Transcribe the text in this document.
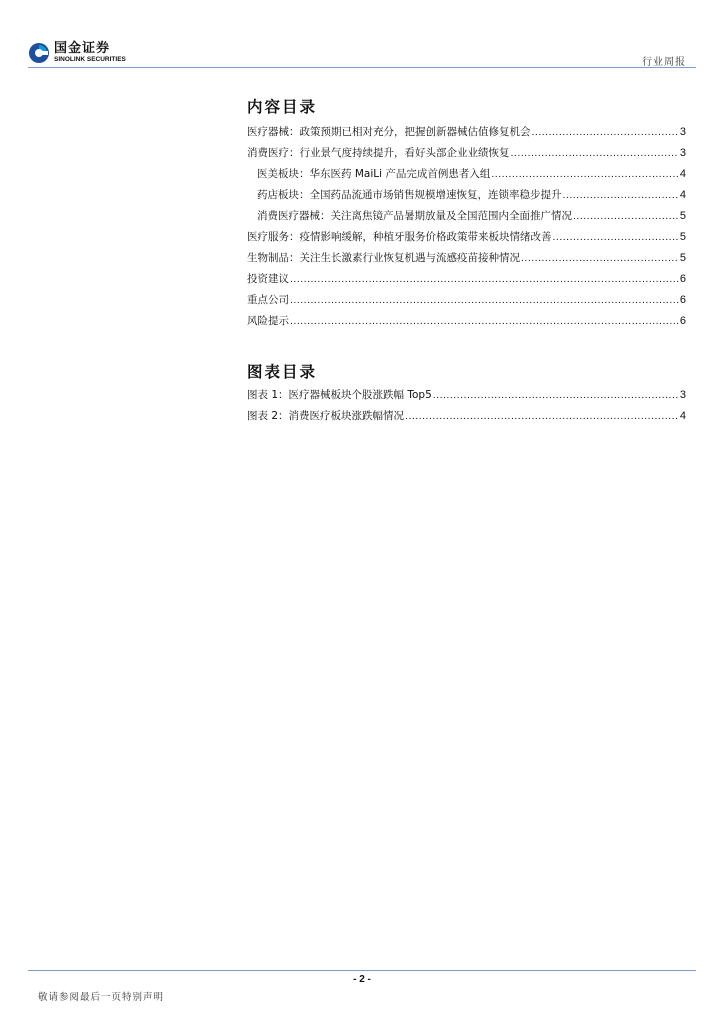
国金证券
SINOLINK SECURITIES	行业周报
内容目录
医疗器械：政策预期已相对充分，把握创新器械估值修复机会 .....	3
消费医疗：行业景气度持续提升，看好头部企业业绩恢复 .....	3
医美板块：华东医药 MaiLi 产品完成首例患者入组 .....	4
药店板块：全国药品流通市场销售规模增速恢复，连锁率稳步提升 .....	4
消费医疗器械：关注离焦镜产品暑期放量及全国范围内全面推广情况 .....	5
医疗服务：疫情影响缓解，种植牙服务价格政策带来板块情绪改善 .....	5
生物制品：关注生长激素行业恢复机遇与流感疫苗接种情况 .....	5
投资建议 .....	6
重点公司 .....	6
风险提示 .....	6
图表目录
图表 1：医疗器械板块个股涨跌幅 Top5 .....	3
图表 2：消费医疗板块涨跌幅情况 .....	4
- 2 -
敬请参阅最后一页特别声明
